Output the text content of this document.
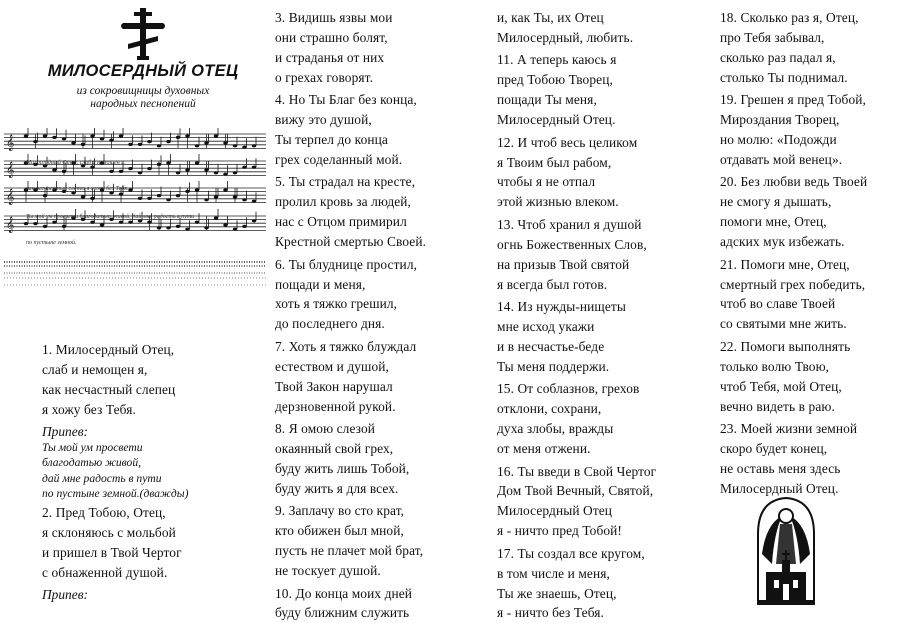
МИЛОСЕРДНЫЙ ОТЕЦ

из сокровищницы духовных

народных песнопений

𝄞
𝄞
𝄞
𝄞
Милосердный Отец, слаб и немощен я,
как несчастный слепец я хожу без Тебя.
Ты мой ум просвети благодатью живой, дай мне радость в пути
по пустыне земной.

1. Милосердный Отец,

слаб и немощен я,

как несчастный слепец

я хожу без Тебя.

Припев:

Ты мой ум просвети

благодатью живой,

дай мне радость в пути

по пустыне земной.(дважды)

2. Пред Тобою, Отец,

я склоняюсь с мольбой

и пришел в Твой Чертог

с обнаженной душой.

Припев:

3. Видишь язвы мои

они страшно болят,

и страданья от них

о грехах говорят.

4. Но Ты Благ без конца,

вижу это душой,

Ты терпел до конца

грех соделанный мой.

5. Ты страдал на кресте,

пролил кровь за людей,

нас с Отцом примирил

Крестной смертью Своей.

6. Ты блуднице простил,

пощади и меня,

хоть я тяжко грешил,

до последнего дня.

7. Хоть я тяжко блуждал

естеством и душой,

Твой Закон нарушал

дерзновенной рукой.

8. Я омою слезой

окаянный свой грех,

буду жить лишь Тобой,

буду жить я для всех.

9. Заплачу во сто крат,

кто обижен был мной,

пусть не плачет мой брат,

не тоскует душой.

10. До конца моих дней

буду ближним служить

и, как Ты, их Отец

Милосердный, любить.

11. А теперь каюсь я

пред Тобою Творец,

пощади Ты меня,

Милосердный Отец.

12. И чтоб весь целиком

я Твоим был рабом,

чтобы я не отпал

этой жизнью влеком.

13. Чтоб хранил я душой

огнь Божественных Слов,

на призыв Твой святой

я всегда был готов.

14. Из нужды-нищеты

мне исход укажи

и в несчастье-беде

Ты меня поддержи.

15. От соблазнов, грехов

отклони, сохрани,

духа злобы, вражды

от меня отжени.

16. Ты введи в Свой Чертог

Дом Твой Вечный, Святой,

Милосердный Отец

я - ничто пред Тобой!

17. Ты создал все кругом,

в том числе и меня,

Ты же знаешь, Отец,

я - ничто без Тебя.

18. Сколько раз я, Отец,

про Тебя забывал,

сколько раз падал я,

столько Ты поднимал.

19. Грешен я пред Тобой,

Мироздания Творец,

но молю: «Подожди

отдавать мой венец».

20. Без любви ведь Твоей

не смогу я дышать,

помоги мне, Отец,

адских мук избежать.

21. Помоги мне, Отец,

смертный грех победить,

чтоб во славе Твоей

со святыми мне жить.

22. Помоги выполнять

только волю Твою,

чтоб Тебя, мой Отец,

вечно видеть в раю.

23. Моей жизни земной

скоро будет конец,

не оставь меня здесь

Милосердный Отец.
